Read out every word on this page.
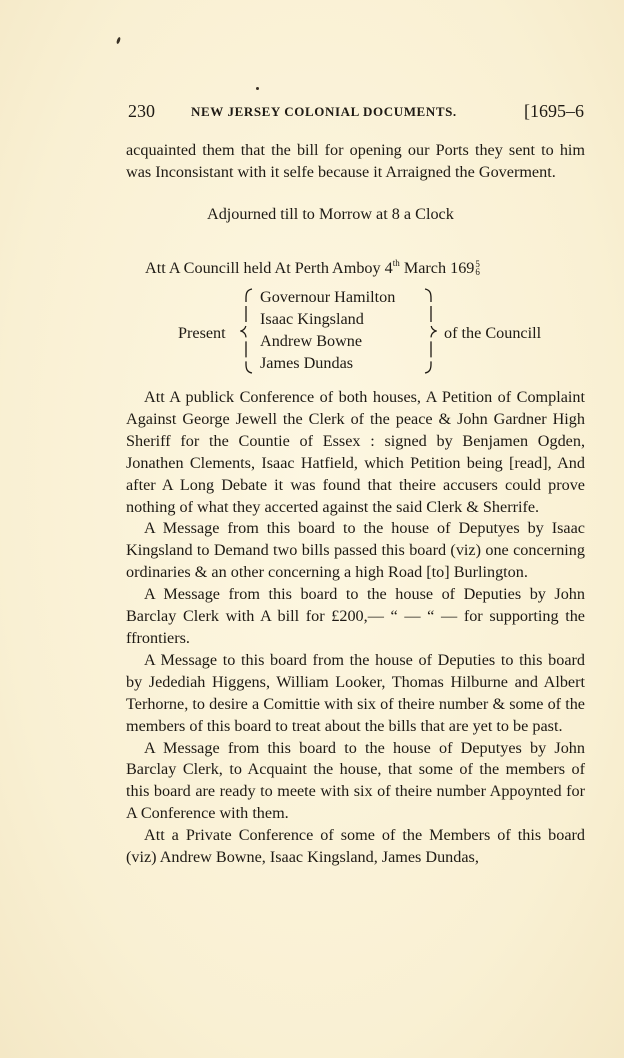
230	NEW JERSEY COLONIAL DOCUMENTS.	[1695–6

acquainted them that the bill for opening our Ports they sent to him was Inconsistant with it selfe because it Arraigned the Goverment.

Adjourned till to Morrow at 8 a Clock
Att A Councill held At Perth Amboy 4th March 169 5
6
Present
Governour Hamilton
Isaac Kingsland
Andrew Bowne
James Dundas
of the Councill

Att A publick Conference of both houses, A Petition of Complaint Against George Jewell the Clerk of the peace & John Gardner High Sheriff for the Countie of Essex : signed by Benjamen Ogden, Jonathen Clements, Isaac Hatfield, which Petition being [read], And after A Long Debate it was found that theire accusers could prove nothing of what they accerted against the said Clerk & Sherrife.

A Message from this board to the house of Deputyes by Isaac Kingsland to Demand two bills passed this board (viz) one concerning ordinaries & an other concerning a high Road [to] Burlington.

A Message from this board to the house of Deputies by John Barclay Clerk with A bill for £200,— “ — “ — for supporting the ffrontiers.

A Message to this board from the house of Deputies to this board by Jedediah Higgens, William Looker, Thomas Hilburne and Albert Terhorne, to desire a Comittie with six of theire number & some of the members of this board to treat about the bills that are yet to be past.

A Message from this board to the house of Deputyes by John Barclay Clerk, to Acquaint the house, that some of the members of this board are ready to meete with six of theire number Appoynted for A Conference with them.

Att a Private Conference of some of the Members of this board (viz) Andrew Bowne, Isaac Kingsland, James Dundas,
